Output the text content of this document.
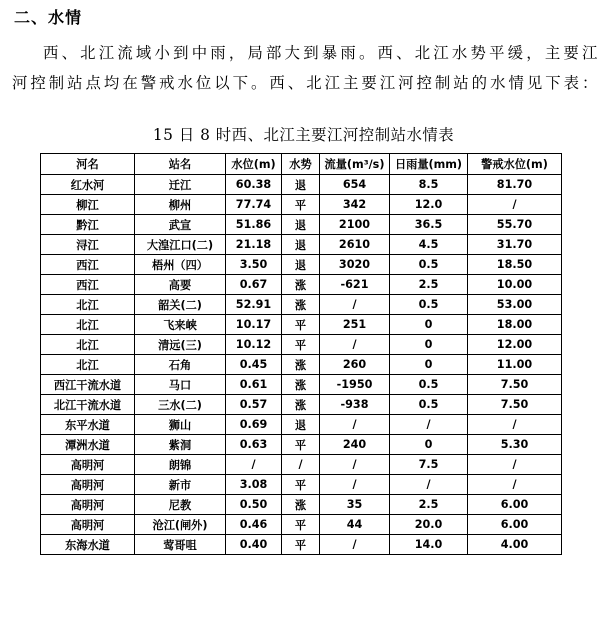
二、水情
西、北江流域小到中雨，局部大到暴雨。西、北江水势平缓，主要江
河控制站点均在警戒水位以下。西、北江主要江河控制站的水情见下表：
15 日 8 时西、北江主要江河控制站水情表
河名	站名	水位(m)	水势	流量(m³/s)	日雨量(mm)	警戒水位(m)
红水河	迁江	60.38	退	654	8.5	81.70
柳江	柳州	77.74	平	342	12.0	/
黔江	武宣	51.86	退	2100	36.5	55.70
浔江	大湟江口(二)	21.18	退	2610	4.5	31.70
西江	梧州（四）	3.50	退	3020	0.5	18.50
西江	高要	0.67	涨	-621	2.5	10.00
北江	韶关(二)	52.91	涨	/	0.5	53.00
北江	飞来峡	10.17	平	251	0	18.00
北江	清远(三)	10.12	平	/	0	12.00
北江	石角	0.45	涨	260	0	11.00
西江干流水道	马口	0.61	涨	-1950	0.5	7.50
北江干流水道	三水(二)	0.57	涨	-938	0.5	7.50
东平水道	狮山	0.69	退	/	/	/
潭洲水道	紫洞	0.63	平	240	0	5.30
高明河	朗锦	/	/	/	7.5	/
高明河	新市	3.08	平	/	/	/
高明河	尼教	0.50	涨	35	2.5	6.00
高明河	沧江(闸外)	0.46	平	44	20.0	6.00
东海水道	莺哥咀	0.40	平	/	14.0	4.00
